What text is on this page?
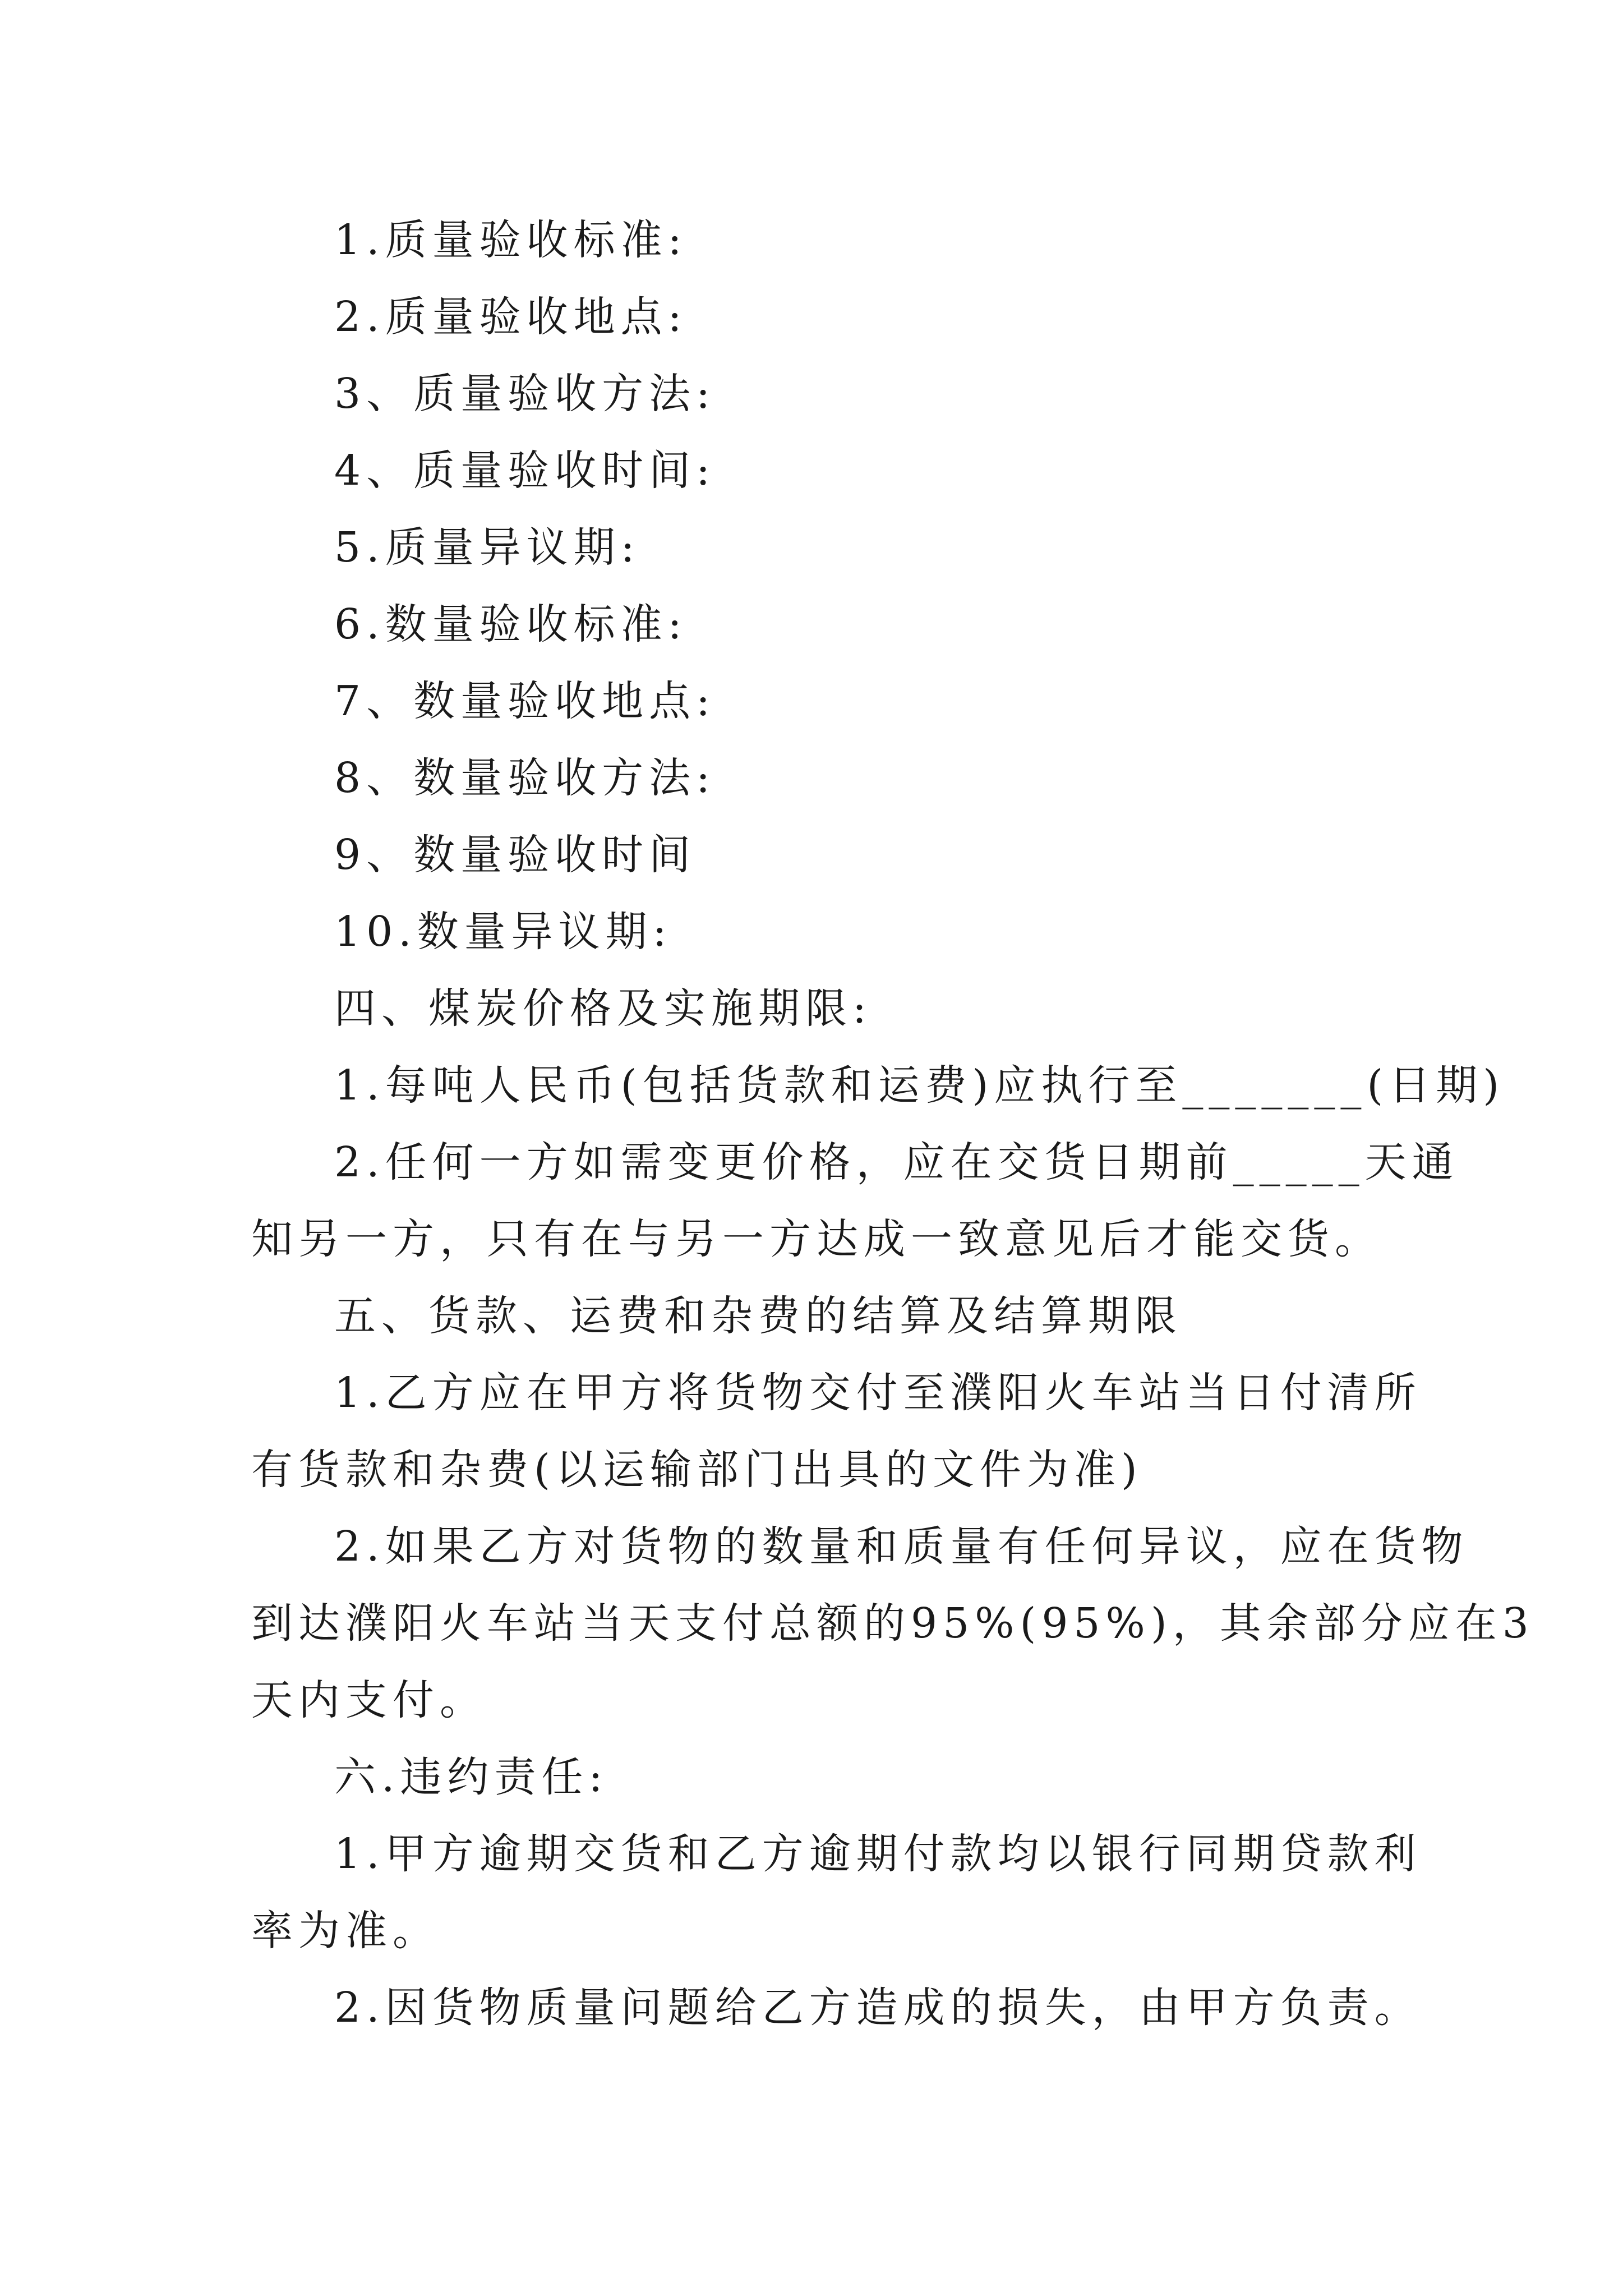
1.质量验收标准:
2.质量验收地点:
3、质量验收方法:
4、质量验收时间:
5.质量异议期:
6.数量验收标准:
7、数量验收地点:
8、数量验收方法:
9、数量验收时间
10.数量异议期:
四、煤炭价格及实施期限:
1.每吨人民币(包括货款和运费)应执行至_______(日期)
2.任何一方如需变更价格，应在交货日期前_____天通
知另一方，只有在与另一方达成一致意见后才能交货。
五、货款、运费和杂费的结算及结算期限
1.乙方应在甲方将货物交付至濮阳火车站当日付清所
有货款和杂费(以运输部门出具的文件为准)
2.如果乙方对货物的数量和质量有任何异议，应在货物
到达濮阳火车站当天支付总额的95%(95%)，其余部分应在3
天内支付。
六.违约责任:
1.甲方逾期交货和乙方逾期付款均以银行同期贷款利
率为准。
2.因货物质量问题给乙方造成的损失，由甲方负责。
